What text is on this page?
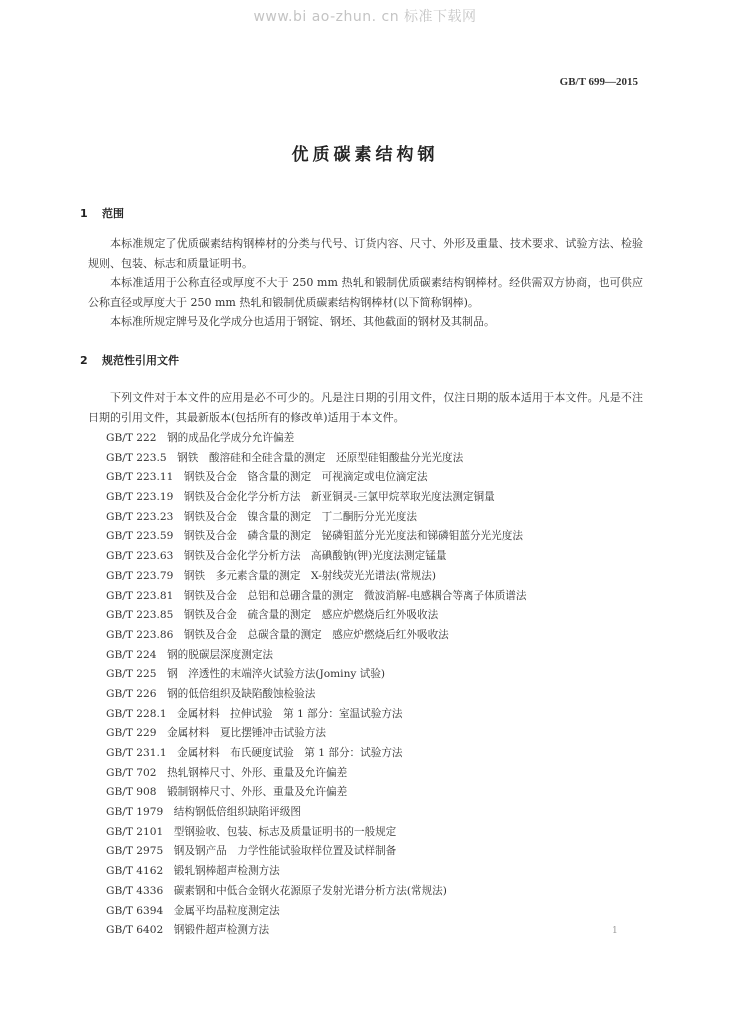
www.bi ao-zhun. cn 标准下载网
GB/T 699—2015
优质碳素结构钢
1 范围

本标准规定了优质碳素结构钢棒材的分类与代号、订货内容、尺寸、外形及重量、技术要求、试验方法、检验规则、包装、标志和质量证明书。

本标准适用于公称直径或厚度不大于 250 mm 热轧和锻制优质碳素结构钢棒材。经供需双方协商，也可供应公称直径或厚度大于 250 mm 热轧和锻制优质碳素结构钢棒材(以下简称钢棒)。

本标准所规定牌号及化学成分也适用于钢锭、钢坯、其他截面的钢材及其制品。

2 规范性引用文件

下列文件对于本文件的应用是必不可少的。凡是注日期的引用文件，仅注日期的版本适用于本文件。凡是不注日期的引用文件，其最新版本(包括所有的修改单)适用于本文件。

GB/T 222　钢的成品化学成分允许偏差
GB/T 223.5　钢铁　酸溶硅和全硅含量的测定　还原型硅钼酸盐分光光度法
GB/T 223.11　钢铁及合金　铬含量的测定　可视滴定或电位滴定法
GB/T 223.19　钢铁及合金化学分析方法　新亚铜灵-三氯甲烷萃取光度法测定铜量
GB/T 223.23　钢铁及合金　镍含量的测定　丁二酮肟分光光度法
GB/T 223.59　钢铁及合金　磷含量的测定　铋磷钼蓝分光光度法和锑磷钼蓝分光光度法
GB/T 223.63　钢铁及合金化学分析方法　高碘酸钠(钾)光度法测定锰量
GB/T 223.79　钢铁　多元素含量的测定　X-射线荧光光谱法(常规法)
GB/T 223.81　钢铁及合金　总铝和总硼含量的测定　微波消解-电感耦合等离子体质谱法
GB/T 223.85　钢铁及合金　硫含量的测定　感应炉燃烧后红外吸收法
GB/T 223.86　钢铁及合金　总碳含量的测定　感应炉燃烧后红外吸收法
GB/T 224　钢的脱碳层深度测定法
GB/T 225　钢　淬透性的末端淬火试验方法(Jominy 试验)
GB/T 226　钢的低倍组织及缺陷酸蚀检验法
GB/T 228.1　金属材料　拉伸试验　第 1 部分：室温试验方法
GB/T 229　金属材料　夏比摆锤冲击试验方法
GB/T 231.1　金属材料　布氏硬度试验　第 1 部分：试验方法
GB/T 702　热轧钢棒尺寸、外形、重量及允许偏差
GB/T 908　锻制钢棒尺寸、外形、重量及允许偏差
GB/T 1979　结构钢低倍组织缺陷评级图
GB/T 2101　型钢验收、包装、标志及质量证明书的一般规定
GB/T 2975　钢及钢产品　力学性能试验取样位置及试样制备
GB/T 4162　锻轧钢棒超声检测方法
GB/T 4336　碳素钢和中低合金钢火花源原子发射光谱分析方法(常规法)
GB/T 6394　金属平均晶粒度测定法
GB/T 6402　钢锻件超声检测方法	1
